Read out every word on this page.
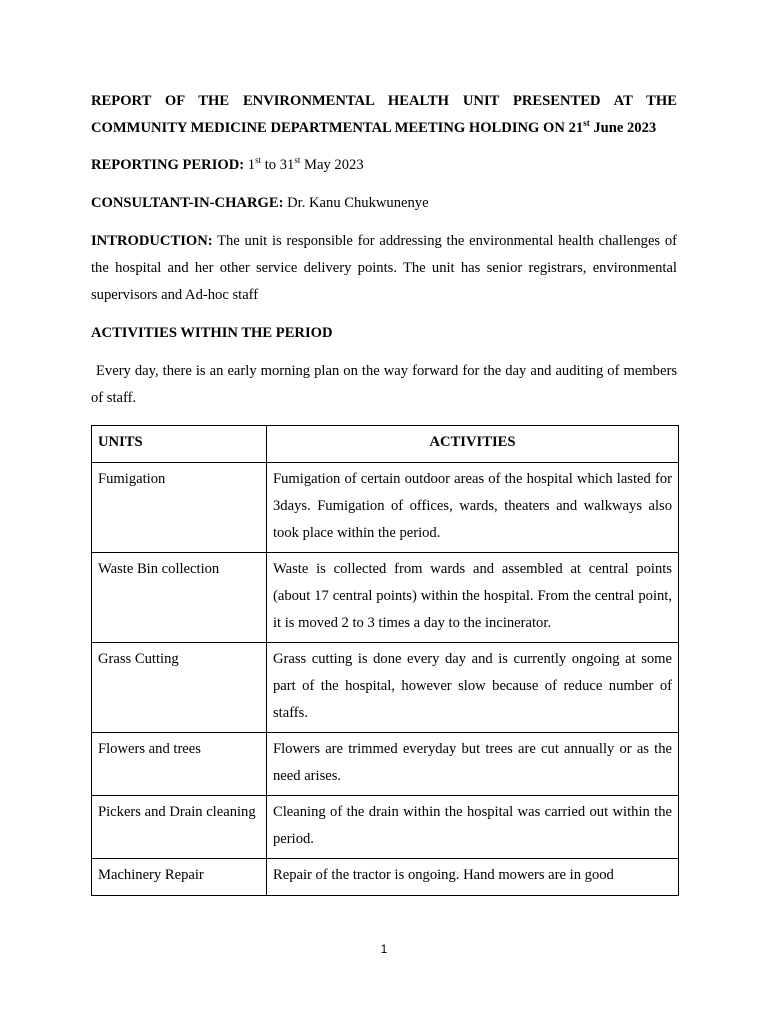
REPORT OF THE ENVIRONMENTAL HEALTH UNIT PRESENTED AT THE COMMUNITY MEDICINE DEPARTMENTAL MEETING HOLDING ON 21st June 2023

REPORTING PERIOD: 1st to 31st May 2023

CONSULTANT-IN-CHARGE: Dr. Kanu Chukwunenye

INTRODUCTION: The unit is responsible for addressing the environmental health challenges of the hospital and her other service delivery points. The unit has senior registrars, environmental supervisors and Ad-hoc staff

ACTIVITIES WITHIN THE PERIOD

Every day, there is an early morning plan on the way forward for the day and auditing of members of staff.

UNITS	ACTIVITIES
Fumigation	Fumigation of certain outdoor areas of the hospital which lasted for 3days. Fumigation of offices, wards, theaters and walkways also took place within the period.
Waste Bin collection	Waste is collected from wards and assembled at central points (about 17 central points) within the hospital. From the central point, it is moved 2 to 3 times a day to the incinerator.
Grass Cutting	Grass cutting is done every day and is currently ongoing at some part of the hospital, however slow because of reduce number of staffs.
Flowers and trees	Flowers are trimmed everyday but trees are cut annually or as the need arises.
Pickers and Drain cleaning	Cleaning of the drain within the hospital was carried out within the period.
Machinery Repair	Repair of the tractor is ongoing. Hand mowers are in good
1
